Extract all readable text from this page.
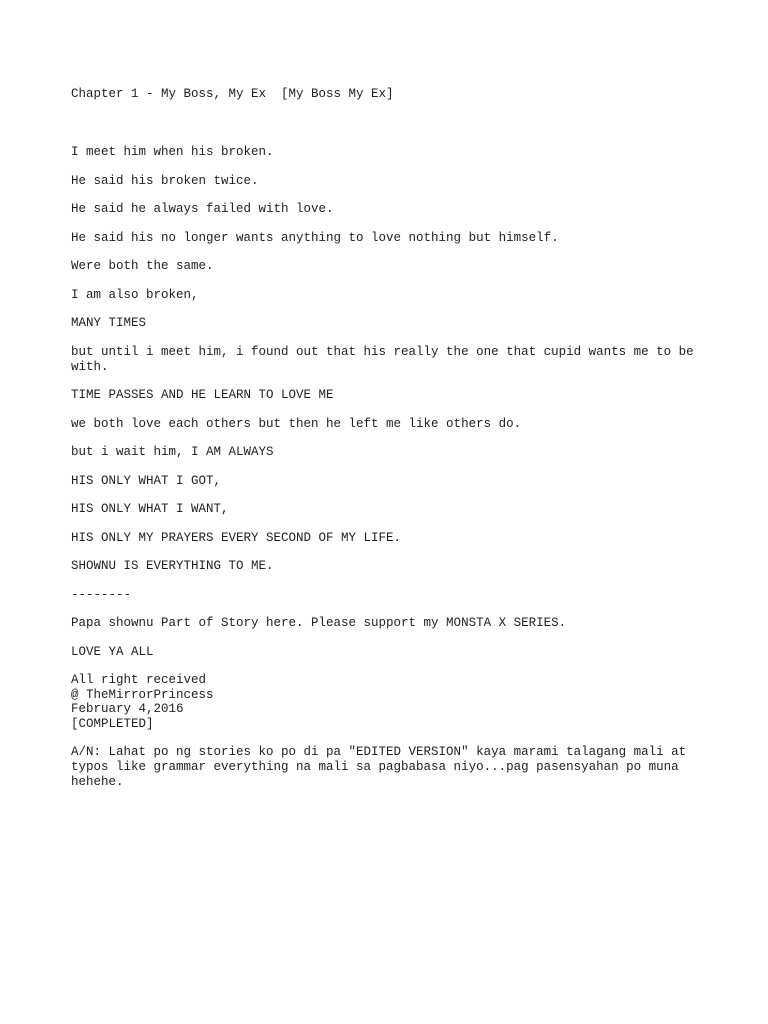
Chapter 1 - My Boss, My Ex  [My Boss My Ex]

I meet him when his broken.

He said his broken twice.

He said he always failed with love.

He said his no longer wants anything to love nothing but himself.

Were both the same.

I am also broken,

MANY TIMES

but until i meet him, i found out that his really the one that cupid wants me to be with.

TIME PASSES AND HE LEARN TO LOVE ME

we both love each others but then he left me like others do.

but i wait him, I AM ALWAYS

HIS ONLY WHAT I GOT,

HIS ONLY WHAT I WANT,

HIS ONLY MY PRAYERS EVERY SECOND OF MY LIFE.

SHOWNU IS EVERYTHING TO ME.

--------

Papa shownu Part of Story here. Please support my MONSTA X SERIES.

LOVE YA ALL

All right received
@ TheMirrorPrincess
February 4,2016
[COMPLETED]

A/N: Lahat po ng stories ko po di pa "EDITED VERSION" kaya marami talagang mali at typos like grammar everything na mali sa pagbabasa niyo...pag pasensyahan po muna hehehe.
